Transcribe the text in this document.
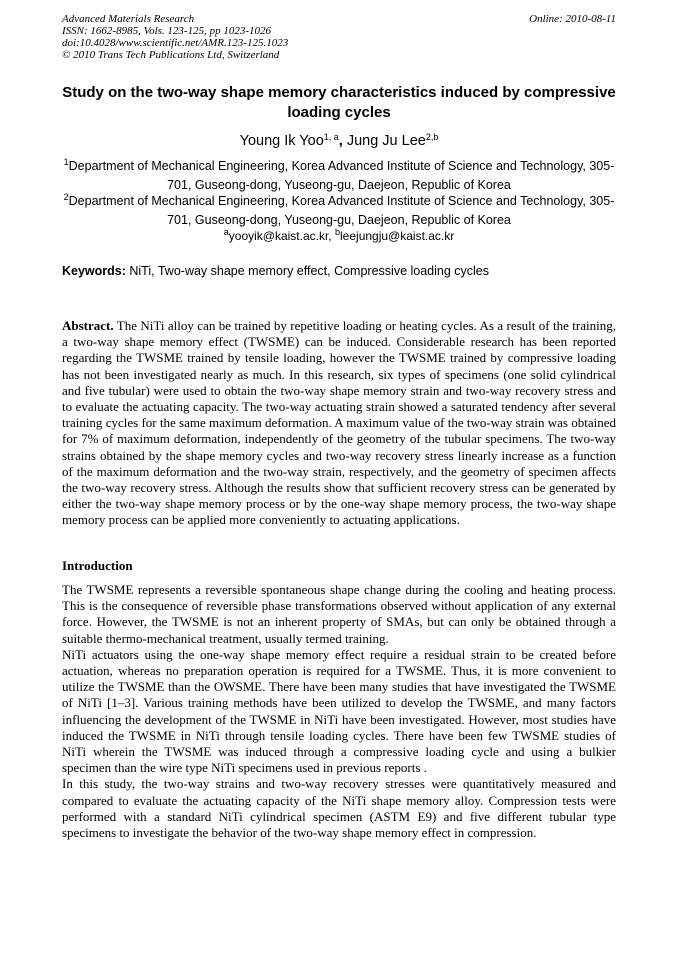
Advanced Materials Research
ISSN: 1662-8985, Vols. 123-125, pp 1023-1026
doi:10.4028/www.scientific.net/AMR.123-125.1023
© 2010 Trans Tech Publications Ltd, Switzerland
Online: 2010-08-11
Study on the two-way shape memory characteristics induced by compressive loading cycles
Young Ik Yoo$^{1, a}$, Jung Ju Lee$^{2,b}$
$^1$Department of Mechanical Engineering, Korea Advanced Institute of Science and Technology, 305-701, Guseong-dong, Yuseong-gu, Daejeon, Republic of Korea
$^2$Department of Mechanical Engineering, Korea Advanced Institute of Science and Technology, 305-701, Guseong-dong, Yuseong-gu, Daejeon, Republic of Korea
$^a$yooyik@kaist.ac.kr, $^b$leejungju@kaist.ac.kr
Keywords: NiTi, Two-way shape memory effect, Compressive loading cycles
Abstract. The NiTi alloy can be trained by repetitive loading or heating cycles. As a result of the training, a two-way shape memory effect (TWSME) can be induced. Considerable research has been reported regarding the TWSME trained by tensile loading, however the TWSME trained by compressive loading has not been investigated nearly as much. In this research, six types of specimens (one solid cylindrical and five tubular) were used to obtain the two-way shape memory strain and two-way recovery stress and to evaluate the actuating capacity. The two-way actuating strain showed a saturated tendency after several training cycles for the same maximum deformation. A maximum value of the two-way strain was obtained for 7% of maximum deformation, independently of the geometry of the tubular specimens. The two-way strains obtained by the shape memory cycles and two-way recovery stress linearly increase as a function of the maximum deformation and the two-way strain, respectively, and the geometry of specimen affects the two-way recovery stress. Although the results show that sufficient recovery stress can be generated by either the two-way shape memory process or by the one-way shape memory process, the two-way shape memory process can be applied more conveniently to actuating applications.
Introduction

The TWSME represents a reversible spontaneous shape change during the cooling and heating process. This is the consequence of reversible phase transformations observed without application of any external force. However, the TWSME is not an inherent property of SMAs, but can only be obtained through a suitable thermo-mechanical treatment, usually termed training.

NiTi actuators using the one-way shape memory effect require a residual strain to be created before actuation, whereas no preparation operation is required for a TWSME. Thus, it is more convenient to utilize the TWSME than the OWSME. There have been many studies that have investigated the TWSME of NiTi [1–3]. Various training methods have been utilized to develop the TWSME, and many factors influencing the development of the TWSME in NiTi have been investigated. However, most studies have induced the TWSME in NiTi through tensile loading cycles. There have been few TWSME studies of NiTi wherein the TWSME was induced through a compressive loading cycle and using a bulkier specimen than the wire type NiTi specimens used in previous reports .

In this study, the two-way strains and two-way recovery stresses were quantitatively measured and compared to evaluate the actuating capacity of the NiTi shape memory alloy. Compression tests were performed with a standard NiTi cylindrical specimen (ASTM E9) and five different tubular type specimens to investigate the behavior of the two-way shape memory effect in compression.
